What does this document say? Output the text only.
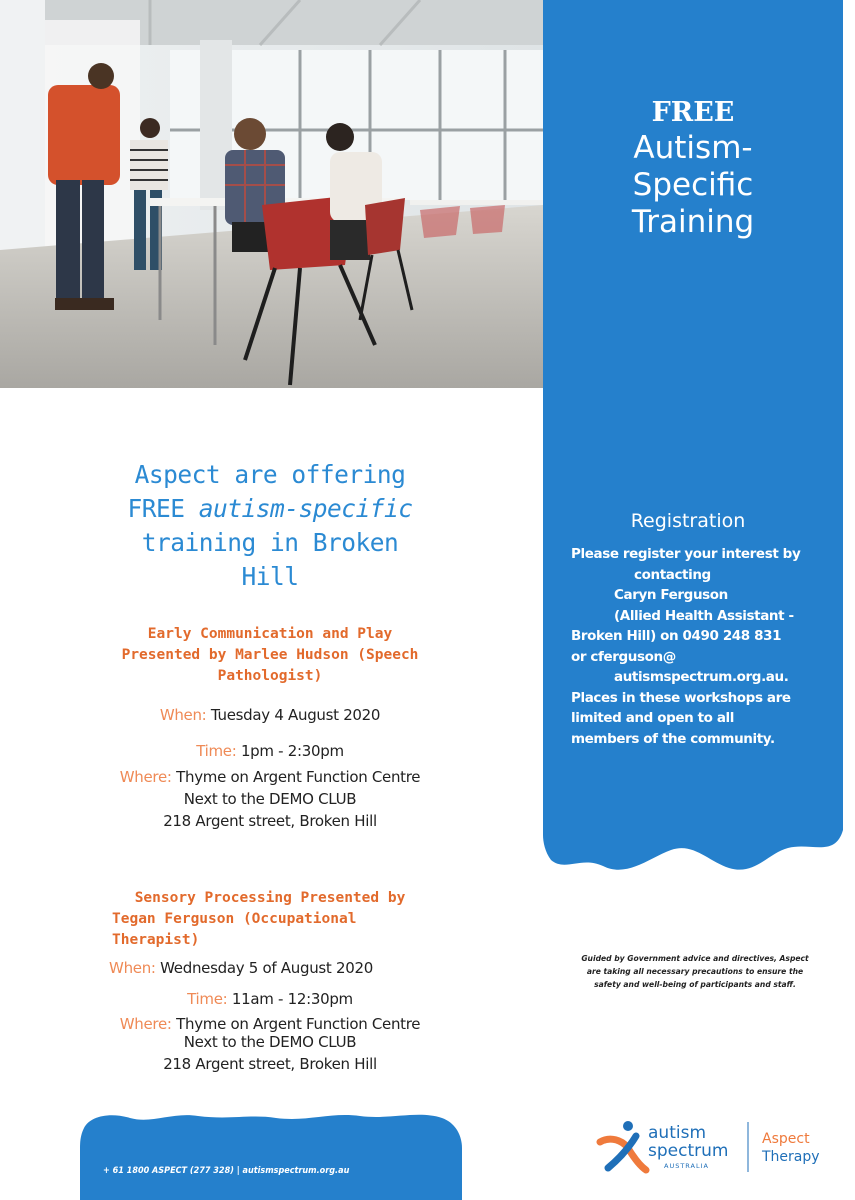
FREE
Autism-
Specific
Training
Registration
Please register your interest by
contacting
Caryn Ferguson
(Allied Health Assistant -
Broken Hill) on 0490 248 831
or cferguson@
autismspectrum.org.au.
Places in these workshops are
limited and open to all
members of the community.
Aspect are offering
FREE autism-specific
training in Broken
Hill
Early Communication and Play
Presented by Marlee Hudson (Speech
Pathologist)
When: Tuesday 4 August 2020
Time: 1pm - 2:30pm
Where: Thyme on Argent Function Centre
Next to the DEMO CLUB
218 Argent street, Broken Hill
Sensory Processing Presented by
Tegan Ferguson (Occupational
Therapist)
When: Wednesday 5 of August 2020
Time: 11am - 12:30pm
Where: Thyme on Argent Function Centre
Next to the DEMO CLUB
218 Argent street, Broken Hill
Guided by Government advice and directives, Aspect
are taking all necessary precautions to ensure the
safety and well-being of participants and staff.
+ 61 1800 ASPECT (277 328) | autismspectrum.org.au
autism
spectrum
AUSTRALIA
Aspect
Therapy
